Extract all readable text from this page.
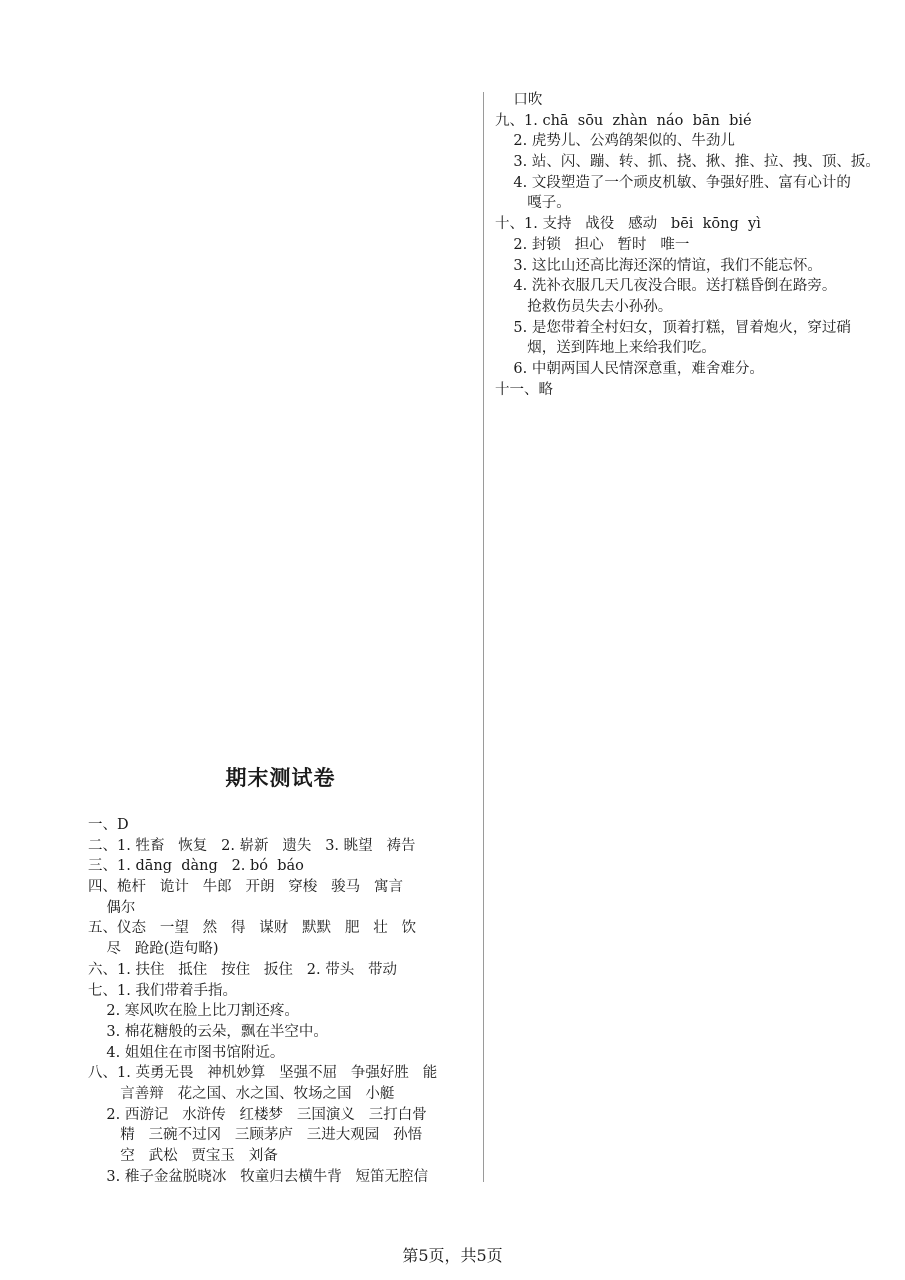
口吹
九、1. chā  sōu  zhàn  náo  bān  bié
2. 虎势儿、公鸡鹐架似的、牛劲儿
3. 站、闪、蹦、转、抓、挠、揪、推、拉、拽、顶、扳。
4. 文段塑造了一个顽皮机敏、争强好胜、富有心计的
嘎子。
十、1. 支持   战役   感动   bēi  kōng  yì
2. 封锁   担心   暂时   唯一
3. 这比山还高比海还深的情谊，我们不能忘怀。
4. 洗补衣服几天几夜没合眼。送打糕昏倒在路旁。
抢救伤员失去小孙孙。
5. 是您带着全村妇女，顶着打糕，冒着炮火，穿过硝
烟，送到阵地上来给我们吃。
6. 中朝两国人民情深意重，难舍难分。
十一、略
期末测试卷
一、D
二、1. 牲畜   恢复   2. 崭新   遗失   3. 眺望   祷告
三、1. dāng  dàng   2. bó  báo
四、桅杆   诡计   牛郎   开朗   穿梭   骏马   寓言
偶尔
五、仪态   一望   然   得   谋财   默默   肥   壮   饮
尽   跄跄(造句略)
六、1. 扶住   抵住   按住   扳住   2. 带头   带动
七、1. 我们带着手指。
2. 寒风吹在脸上比刀割还疼。
3. 棉花糖般的云朵，飘在半空中。
4. 姐姐住在市图书馆附近。
八、1. 英勇无畏   神机妙算   坚强不屈   争强好胜   能
言善辩   花之国、水之国、牧场之国   小艇
2. 西游记   水浒传   红楼梦   三国演义   三打白骨
精   三碗不过冈   三顾茅庐   三进大观园   孙悟
空   武松   贾宝玉   刘备
3. 稚子金盆脱晓冰   牧童归去横牛背   短笛无腔信
第5页，共5页
